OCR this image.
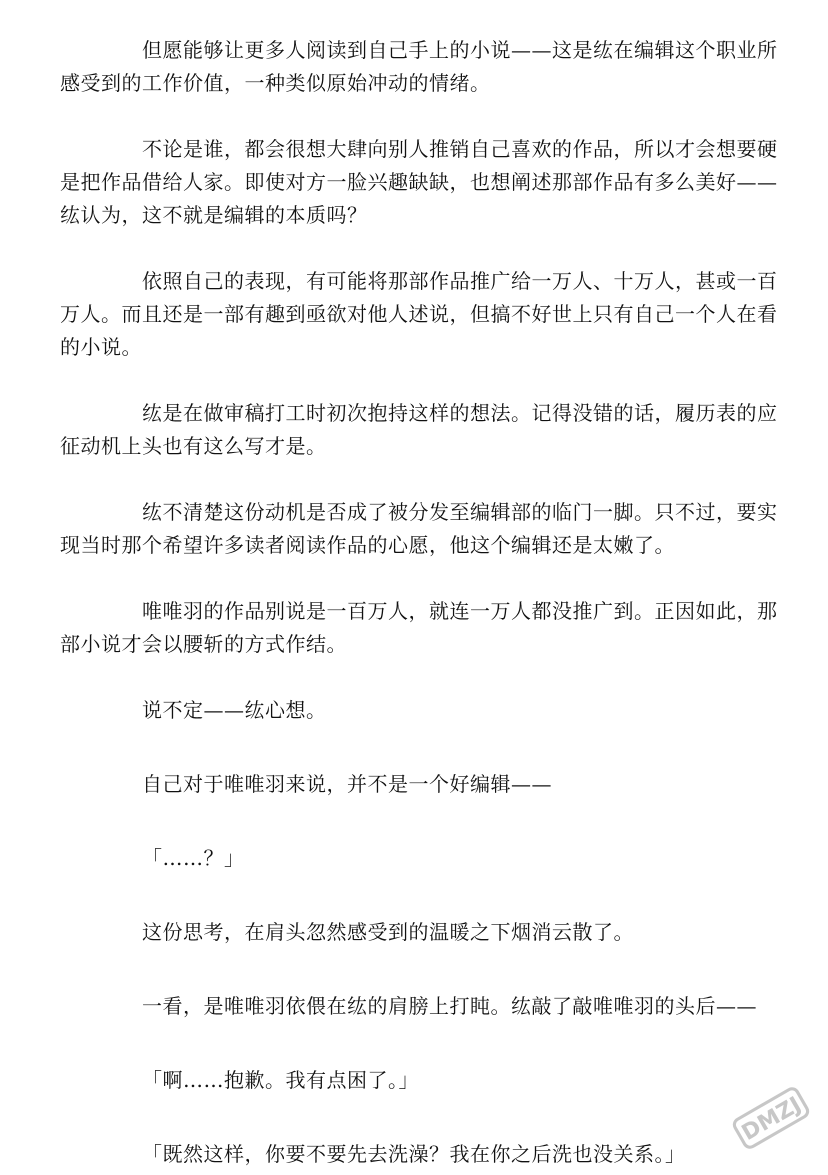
但愿能够让更多人阅读到自己手上的小说——这是纮在编辑这个职业所感受到的工作价值，一种类似原始冲动的情绪。

不论是谁，都会很想大肆向别人推销自己喜欢的作品，所以才会想要硬是把作品借给人家。即使对方一脸兴趣缺缺，也想阐述那部作品有多么美好——纮认为，这不就是编辑的本质吗？

依照自己的表现，有可能将那部作品推广给一万人、十万人，甚或一百万人。而且还是一部有趣到亟欲对他人述说，但搞不好世上只有自己一个人在看的小说。

纮是在做审稿打工时初次抱持这样的想法。记得没错的话，履历表的应征动机上头也有这么写才是。

纮不清楚这份动机是否成了被分发至编辑部的临门一脚。只不过，要实现当时那个希望许多读者阅读作品的心愿，他这个编辑还是太嫩了。

唯唯羽的作品别说是一百万人，就连一万人都没推广到。正因如此，那部小说才会以腰斩的方式作结。

说不定——纮心想。

自己对于唯唯羽来说，并不是一个好编辑——

「……？」

这份思考，在肩头忽然感受到的温暖之下烟消云散了。

一看，是唯唯羽依偎在纮的肩膀上打盹。纮敲了敲唯唯羽的头后——

「啊……抱歉。我有点困了。」

「既然这样，你要不要先去洗澡？我在你之后洗也没关系。」

DMZJ
